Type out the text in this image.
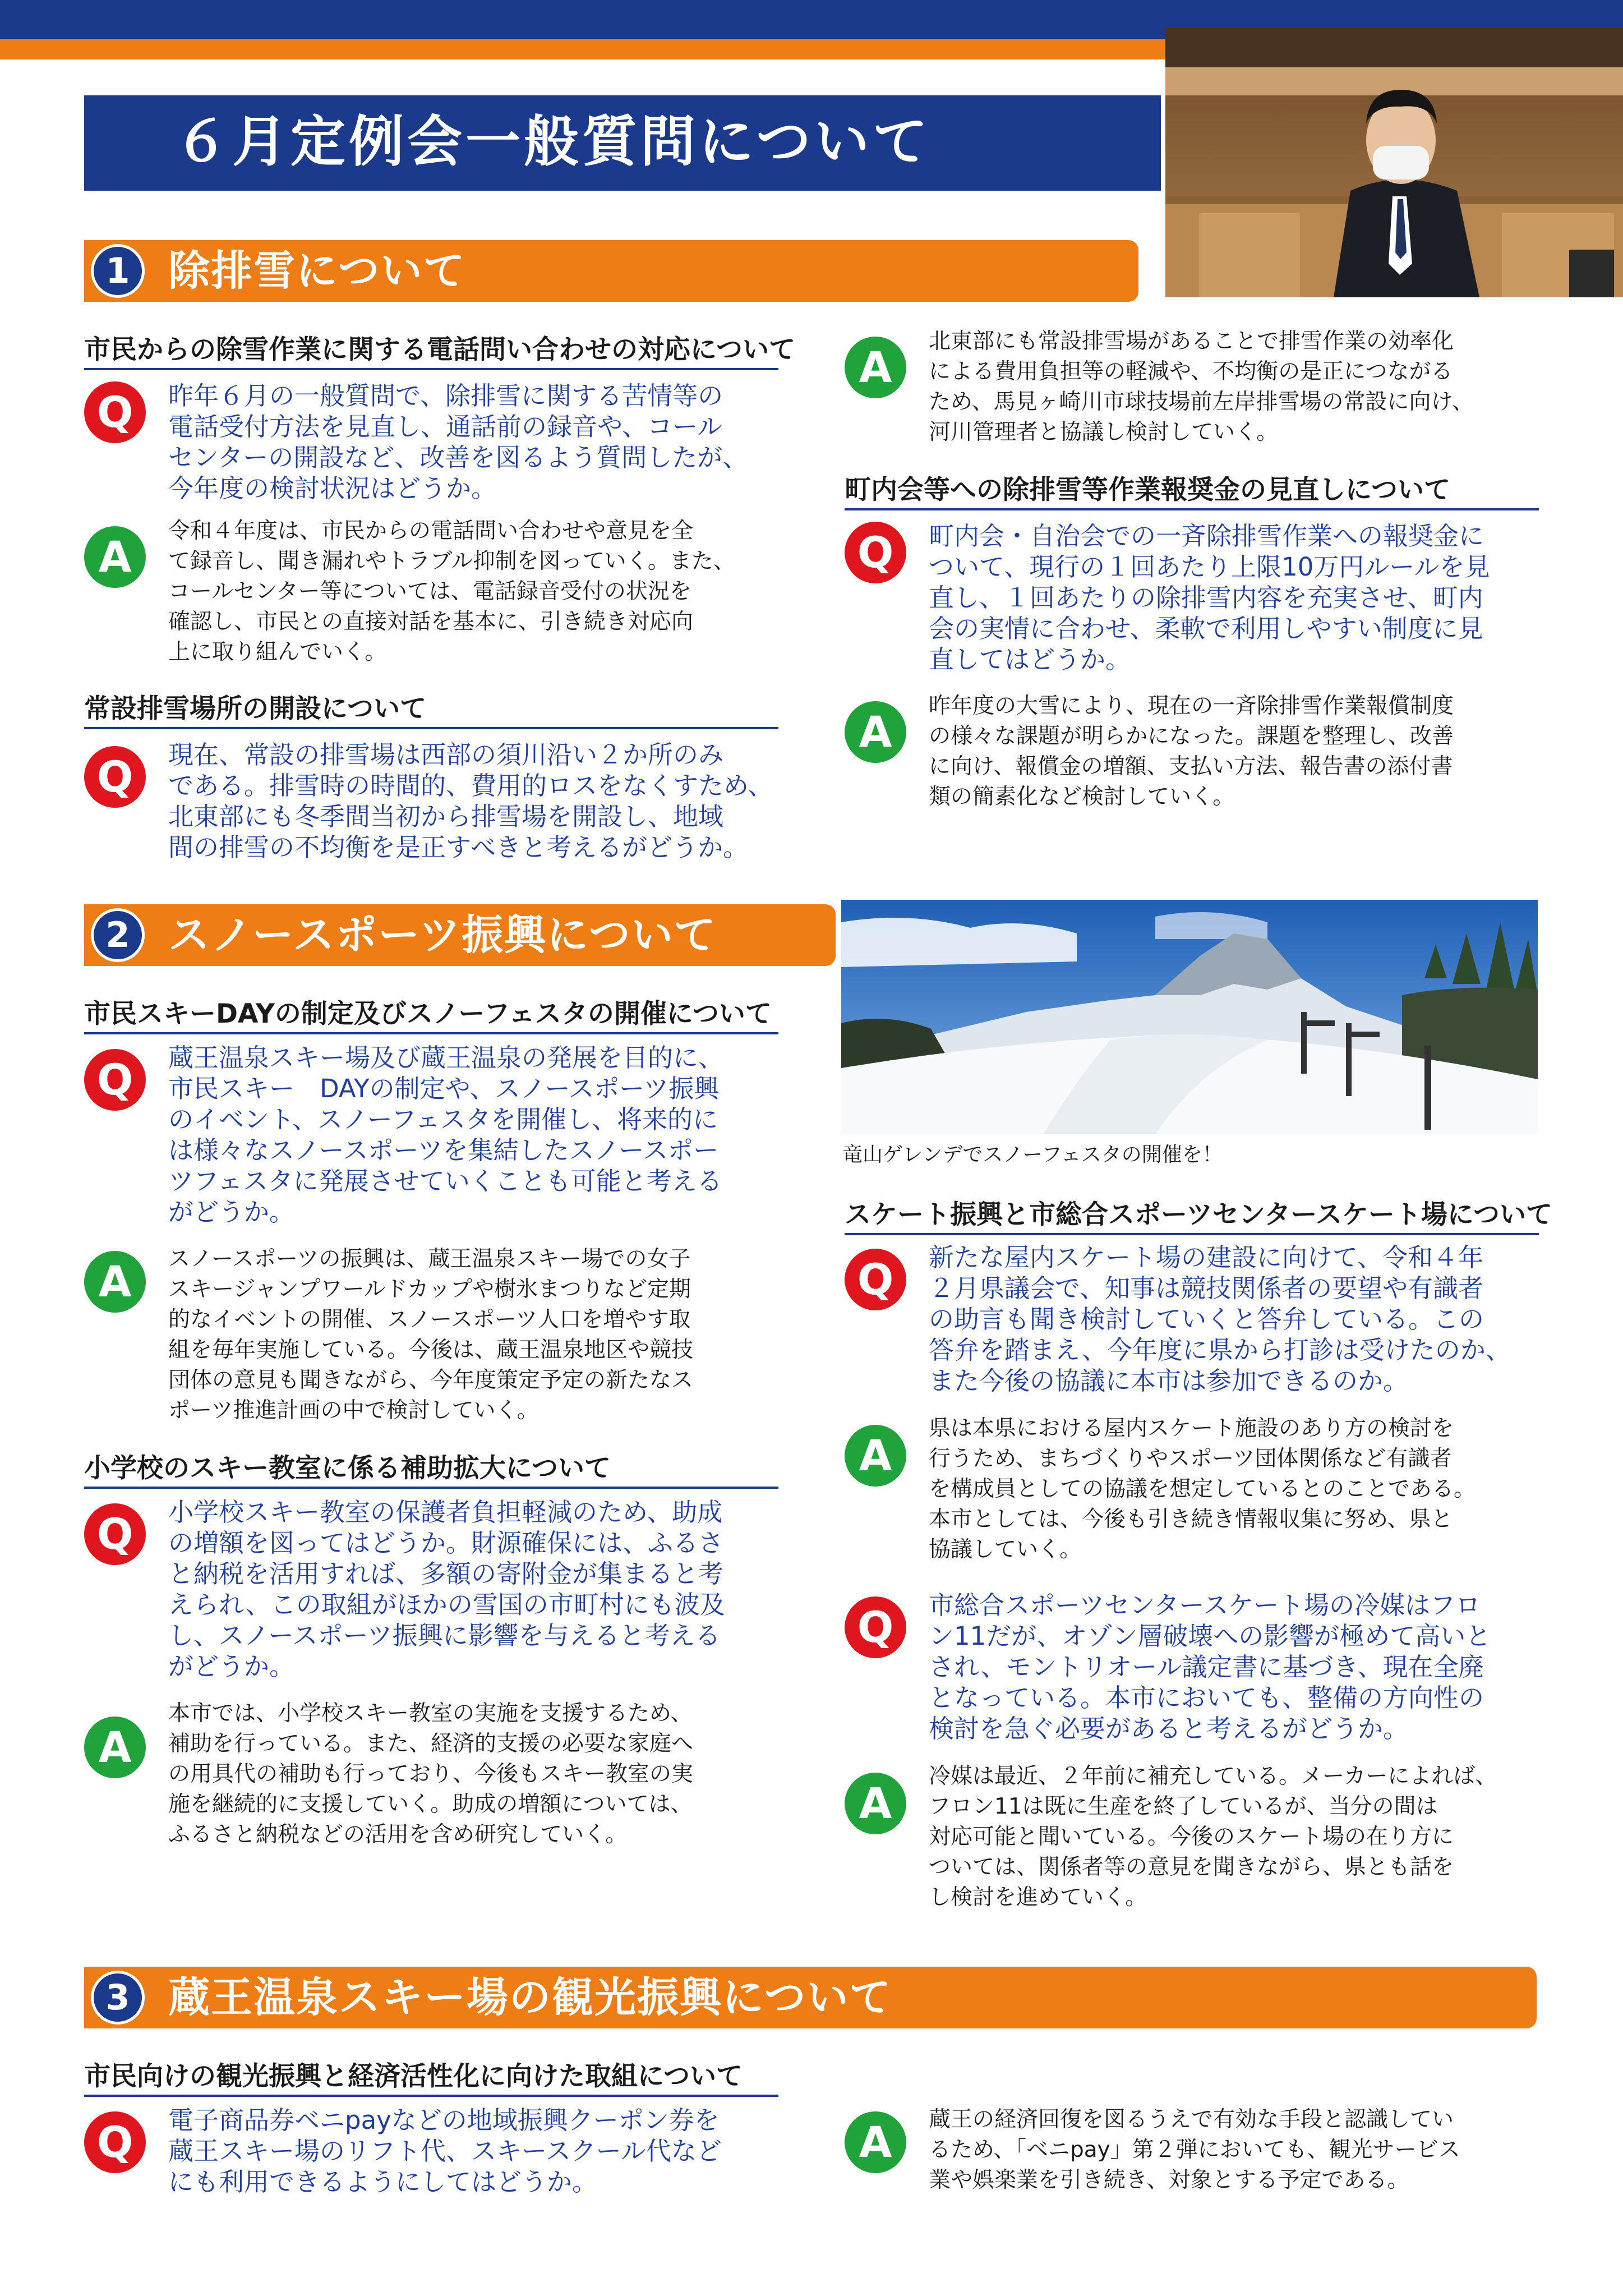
６月定例会一般質問について
1 除排雪について
市民からの除雪作業に関する電話問い合わせの対応について
Q	昨年６月の一般質問で、除排雪に関する苦情等の
電話受付方法を見直し、通話前の録音や、コール
センターの開設など、改善を図るよう質問したが、
今年度の検討状況はどうか。
A
令和４年度は、市民からの電話問い合わせや意見を全
て録音し、聞き漏れやトラブル抑制を図っていく。また、
コールセンター等については、電話録音受付の状況を
確認し、市民との直接対話を基本に、引き続き対応向
上に取り組んでいく。
常設排雪場所の開設について
Q	現在、常設の排雪場は西部の須川沿い２か所のみ
である。排雪時の時間的、費用的ロスをなくすため、
北東部にも冬季間当初から排雪場を開設し、地域
間の排雪の不均衡を是正すべきと考えるがどうか。
A
北東部にも常設排雪場があることで排雪作業の効率化
による費用負担等の軽減や、不均衡の是正につながる
ため、馬見ヶ崎川市球技場前左岸排雪場の常設に向け、
河川管理者と協議し検討していく。
町内会等への除排雪等作業報奨金の見直しについて
Q	町内会・自治会での一斉除排雪作業への報奨金に
ついて、現行の１回あたり上限10万円ルールを見
直し、１回あたりの除排雪内容を充実させ、町内
会の実情に合わせ、柔軟で利用しやすい制度に見
直してはどうか。
A
昨年度の大雪により、現在の一斉除排雪作業報償制度
の様々な課題が明らかになった。課題を整理し、改善
に向け、報償金の増額、支払い方法、報告書の添付書
類の簡素化など検討していく。
2 スノースポーツ振興について
竜山ゲレンデでスノーフェスタの開催を！
市民スキーDAYの制定及びスノーフェスタの開催について
Q	蔵王温泉スキー場及び蔵王温泉の発展を目的に、
市民スキー　DAYの制定や、スノースポーツ振興
のイベント、スノーフェスタを開催し、将来的に
は様々なスノースポーツを集結したスノースポー
ツフェスタに発展させていくことも可能と考える
がどうか。
A	スノースポーツの振興は、蔵王温泉スキー場での女子
スキージャンプワールドカップや樹氷まつりなど定期
的なイベントの開催、スノースポーツ人口を増やす取
組を毎年実施している。今後は、蔵王温泉地区や競技
団体の意見も聞きながら、今年度策定予定の新たなス
ポーツ推進計画の中で検討していく。
小学校のスキー教室に係る補助拡大について
Q	小学校スキー教室の保護者負担軽減のため、助成
の増額を図ってはどうか。財源確保には、ふるさ
と納税を活用すれば、多額の寄附金が集まると考
えられ、この取組がほかの雪国の市町村にも波及
し、スノースポーツ振興に影響を与えると考える
がどうか。
A
本市では、小学校スキー教室の実施を支援するため、
補助を行っている。また、経済的支援の必要な家庭へ
の用具代の補助も行っており、今後もスキー教室の実
施を継続的に支援していく。助成の増額については、
ふるさと納税などの活用を含め研究していく。
スケート振興と市総合スポーツセンタースケート場について
Q	新たな屋内スケート場の建設に向けて、令和４年
２月県議会で、知事は競技関係者の要望や有識者
の助言も聞き検討していくと答弁している。この
答弁を踏まえ、今年度に県から打診は受けたのか、
また今後の協議に本市は参加できるのか。
A
県は本県における屋内スケート施設のあり方の検討を
行うため、まちづくりやスポーツ団体関係など有識者
を構成員としての協議を想定しているとのことである。
本市としては、今後も引き続き情報収集に努め、県と
協議していく。
Q	市総合スポーツセンタースケート場の冷媒はフロ
ン11だが、オゾン層破壊への影響が極めて高いと
され、モントリオール議定書に基づき、現在全廃
となっている。本市においても、整備の方向性の
検討を急ぐ必要があると考えるがどうか。
A
冷媒は最近、２年前に補充している。メーカーによれば、
フロン11は既に生産を終了しているが、当分の間は
対応可能と聞いている。今後のスケート場の在り方に
ついては、関係者等の意見を聞きながら、県とも話を
し検討を進めていく。
3 蔵王温泉スキー場の観光振興について
市民向けの観光振興と経済活性化に向けた取組について
Q	電子商品券ベニpayなどの地域振興クーポン券を
蔵王スキー場のリフト代、スキースクール代など
にも利用できるようにしてはどうか。
A	蔵王の経済回復を図るうえで有効な手段と認識してい
るため、「ベニpay」第２弾においても、観光サービス
業や娯楽業を引き続き、対象とする予定である。
